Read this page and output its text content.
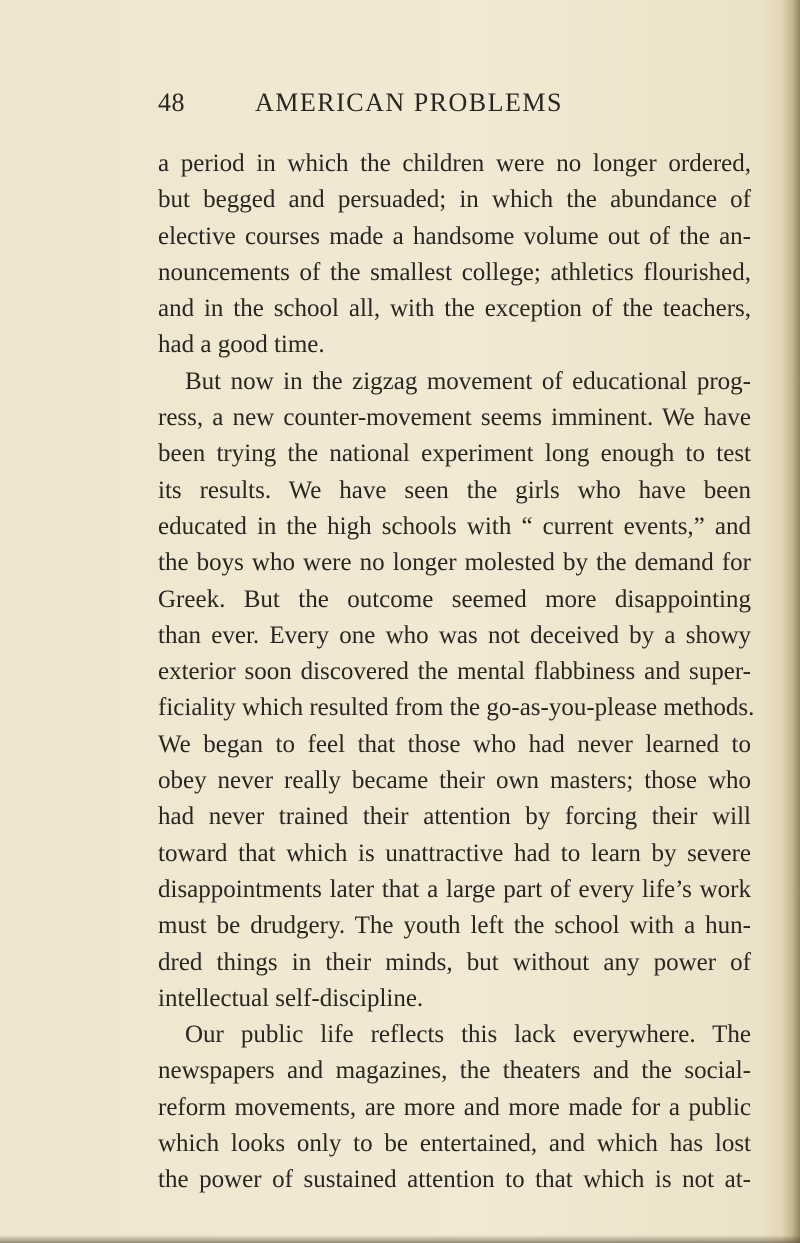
48	AMERICAN PROBLEMS
a period in which the children were no longer ordered,
but begged and persuaded; in which the abundance of
elective courses made a handsome volume out of the an-
nouncements of the smallest college; athletics flourished,
and in the school all, with the exception of the teachers,
had a good time.
But now in the zigzag movement of educational prog-
ress, a new counter-movement seems imminent. We have
been trying the national experiment long enough to test
its results. We have seen the girls who have been
educated in the high schools with “ current events,” and
the boys who were no longer molested by the demand for
Greek. But the outcome seemed more disappointing
than ever. Every one who was not deceived by a showy
exterior soon discovered the mental flabbiness and super-
ficiality which resulted from the go-as-you-please methods.
We began to feel that those who had never learned to
obey never really became their own masters; those who
had never trained their attention by forcing their will
toward that which is unattractive had to learn by severe
disappointments later that a large part of every life’s work
must be drudgery. The youth left the school with a hun-
dred things in their minds, but without any power of
intellectual self-discipline.
Our public life reflects this lack everywhere. The
newspapers and magazines, the theaters and the social-
reform movements, are more and more made for a public
which looks only to be entertained, and which has lost
the power of sustained attention to that which is not at-
